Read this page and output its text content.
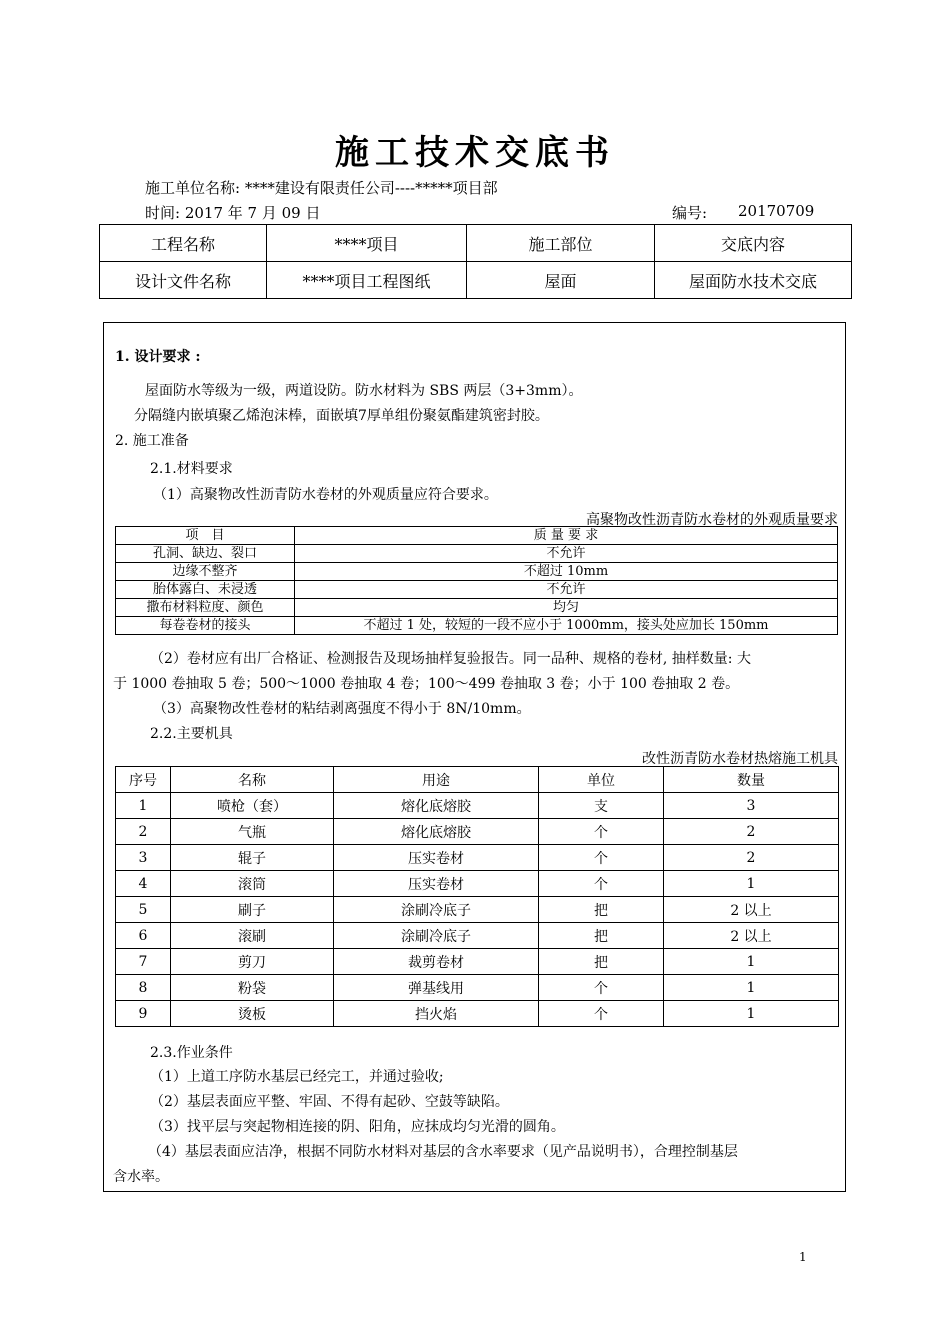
施工技术交底书
施工单位名称: ****建设有限责任公司----*****项目部
时间: 2017 年 7 月 09 日	编号: 20170709
工程名称	****项目	施工部位	交底内容
设计文件名称	****项目工程图纸	屋面	屋面防水技术交底
1. 设计要求 :
屋面防水等级为一级，两道设防。防水材料为 SBS 两层（3+3mm）。
分隔缝内嵌填聚乙烯泡沫棒，面嵌填7厚单组份聚氨酯建筑密封胶。
2. 施工准备
2.1.材料要求
（1）高聚物改性沥青防水卷材的外观质量应符合要求。
高聚物改性沥青防水卷材的外观质量要求
项　目	质 量 要 求
孔洞、缺边、裂口	不允许
边缘不整齐	不超过 10mm
胎体露白、未浸透	不允许
撒布材料粒度、颜色	均匀
每卷卷材的接头	不超过 1 处，较短的一段不应小于 1000mm，接头处应加长 150mm
（2）卷材应有出厂合格证、检测报告及现场抽样复验报告。同一品种、规格的卷材, 抽样数量: 大
于 1000 卷抽取 5 卷；500～1000 卷抽取 4 卷；100～499 卷抽取 3 卷；小于 100 卷抽取 2 卷。
（3）高聚物改性卷材的粘结剥离强度不得小于 8N/10mm。
2.2.主要机具
改性沥青防水卷材热熔施工机具
序号	名称	用途	单位	数量
1	喷枪（套）	熔化底熔胶	支	3
2	气瓶	熔化底熔胶	个	2
3	辊子	压实卷材	个	2
4	滚筒	压实卷材	个	1
5	刷子	涂刷冷底子	把	2 以上
6	滚刷	涂刷冷底子	把	2 以上
7	剪刀	裁剪卷材	把	1
8	粉袋	弹基线用	个	1
9	烫板	挡火焰	个	1
2.3.作业条件
（1）上道工序防水基层已经完工，并通过验收;
（2）基层表面应平整、牢固、不得有起砂、空鼓等缺陷。
（3）找平层与突起物相连接的阴、阳角，应抹成均匀光滑的圆角。
（4）基层表面应洁净，根据不同防水材料对基层的含水率要求（见产品说明书），合理控制基层
含水率。
1
